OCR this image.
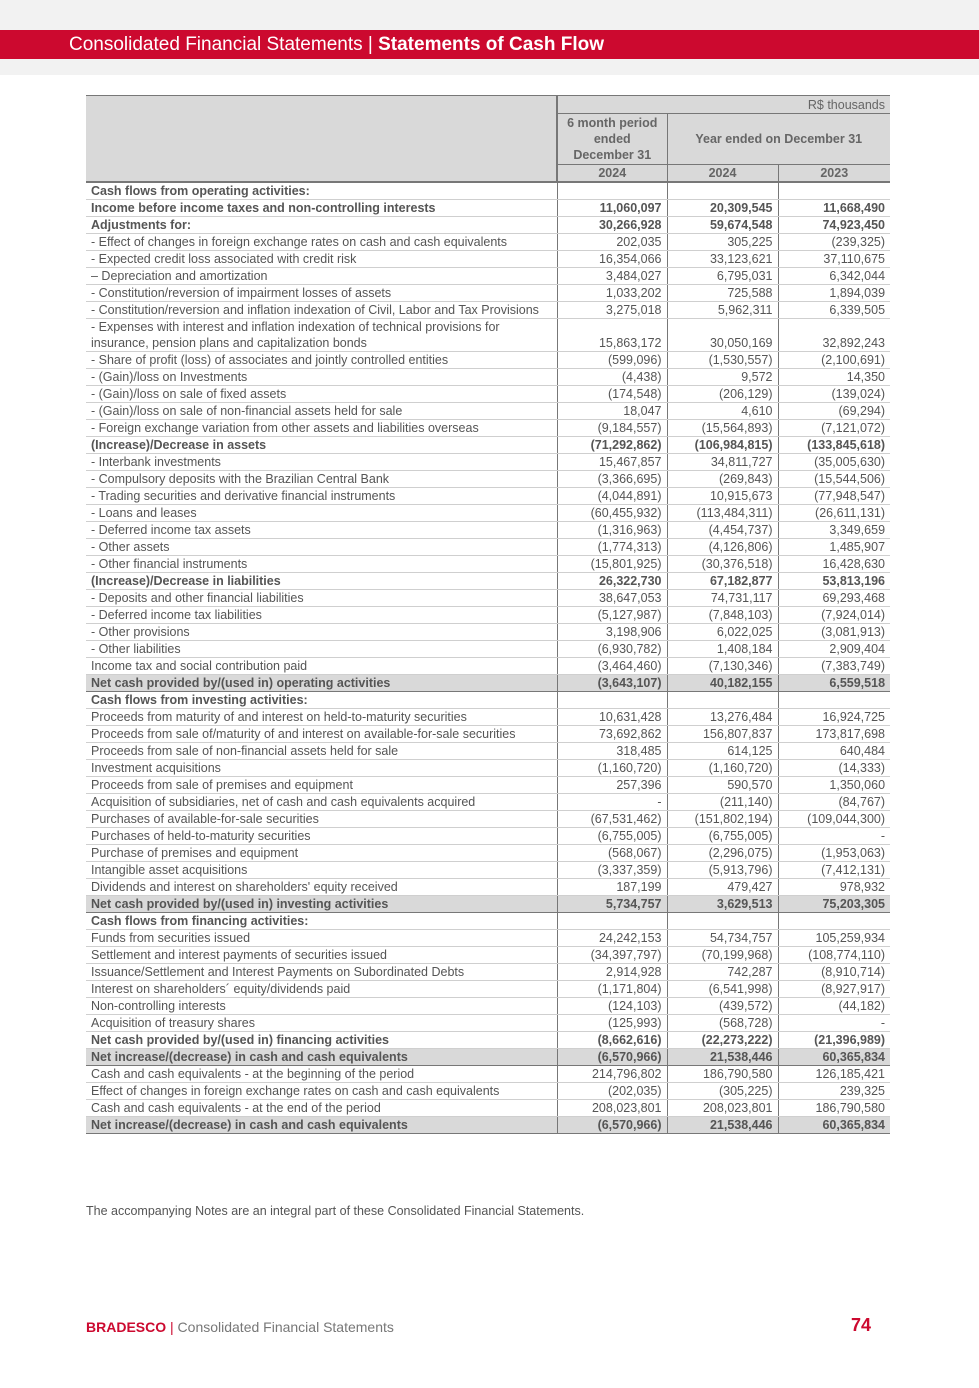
Consolidated Financial Statements | Statements of Cash Flow
	R$ thousands		
	6 month period ended December 31	Year ended on December 31	
	2024	2024	2023
Cash flows from operating activities:			
Income before income taxes and non-controlling interests	11,060,097	20,309,545	11,668,490
Adjustments for:	30,266,928	59,674,548	74,923,450
- Effect of changes in foreign exchange rates on cash and cash equivalents	202,035	305,225	(239,325)
- Expected credit loss associated with credit risk	16,354,066	33,123,621	37,110,675
– Depreciation and amortization	3,484,027	6,795,031	6,342,044
- Constitution/reversion of impairment losses of assets	1,033,202	725,588	1,894,039
- Constitution/reversion and inflation indexation of Civil, Labor and Tax Provisions	3,275,018	5,962,311	6,339,505
- Expenses with interest and inflation indexation of technical provisions for insurance, pension plans and capitalization bonds	15,863,172	30,050,169	32,892,243
- Share of profit (loss) of associates and jointly controlled entities	(599,096)	(1,530,557)	(2,100,691)
- (Gain)/loss on Investments	(4,438)	9,572	14,350
- (Gain)/loss on sale of fixed assets	(174,548)	(206,129)	(139,024)
- (Gain)/loss on sale of non-financial assets held for sale	18,047	4,610	(69,294)
- Foreign exchange variation from other assets and liabilities overseas	(9,184,557)	(15,564,893)	(7,121,072)
(Increase)/Decrease in assets	(71,292,862)	(106,984,815)	(133,845,618)
- Interbank investments	15,467,857	34,811,727	(35,005,630)
- Compulsory deposits with the Brazilian Central Bank	(3,366,695)	(269,843)	(15,544,506)
- Trading securities and derivative financial instruments	(4,044,891)	10,915,673	(77,948,547)
- Loans and leases	(60,455,932)	(113,484,311)	(26,611,131)
- Deferred income tax assets	(1,316,963)	(4,454,737)	3,349,659
- Other assets	(1,774,313)	(4,126,806)	1,485,907
- Other financial instruments	(15,801,925)	(30,376,518)	16,428,630
(Increase)/Decrease in liabilities	26,322,730	67,182,877	53,813,196
- Deposits and other financial liabilities	38,647,053	74,731,117	69,293,468
- Deferred income tax liabilities	(5,127,987)	(7,848,103)	(7,924,014)
- Other provisions	3,198,906	6,022,025	(3,081,913)
- Other liabilities	(6,930,782)	1,408,184	2,909,404
Income tax and social contribution paid	(3,464,460)	(7,130,346)	(7,383,749)
Net cash provided by/(used in) operating activities	(3,643,107)	40,182,155	6,559,518
Cash flows from investing activities:			
Proceeds from maturity of and interest on held-to-maturity securities	10,631,428	13,276,484	16,924,725
Proceeds from sale of/maturity of and interest on available-for-sale securities	73,692,862	156,807,837	173,817,698
Proceeds from sale of non-financial assets held for sale	318,485	614,125	640,484
Investment acquisitions	(1,160,720)	(1,160,720)	(14,333)
Proceeds from sale of premises and equipment	257,396	590,570	1,350,060
Acquisition of subsidiaries, net of cash and cash equivalents acquired	-	(211,140)	(84,767)
Purchases of available-for-sale securities	(67,531,462)	(151,802,194)	(109,044,300)
Purchases of held-to-maturity securities	(6,755,005)	(6,755,005)	-
Purchase of premises and equipment	(568,067)	(2,296,075)	(1,953,063)
Intangible asset acquisitions	(3,337,359)	(5,913,796)	(7,412,131)
Dividends and interest on shareholders' equity received	187,199	479,427	978,932
Net cash provided by/(used in) investing activities	5,734,757	3,629,513	75,203,305
Cash flows from financing activities:			
Funds from securities issued	24,242,153	54,734,757	105,259,934
Settlement and interest payments of securities issued	(34,397,797)	(70,199,968)	(108,774,110)
Issuance/Settlement and Interest Payments on Subordinated Debts	2,914,928	742,287	(8,910,714)
Interest on shareholders´ equity/dividends paid	(1,171,804)	(6,541,998)	(8,927,917)
Non-controlling interests	(124,103)	(439,572)	(44,182)
Acquisition of treasury shares	(125,993)	(568,728)	-
Net cash provided by/(used in) financing activities	(8,662,616)	(22,273,222)	(21,396,989)
Net increase/(decrease) in cash and cash equivalents	(6,570,966)	21,538,446	60,365,834
Cash and cash equivalents - at the beginning of the period	214,796,802	186,790,580	126,185,421
Effect of changes in foreign exchange rates on cash and cash equivalents	(202,035)	(305,225)	239,325
Cash and cash equivalents - at the end of the period	208,023,801	208,023,801	186,790,580
Net increase/(decrease) in cash and cash equivalents	(6,570,966)	21,538,446	60,365,834
The accompanying Notes are an integral part of these Consolidated Financial Statements.
BRADESCO | Consolidated Financial Statements	74
